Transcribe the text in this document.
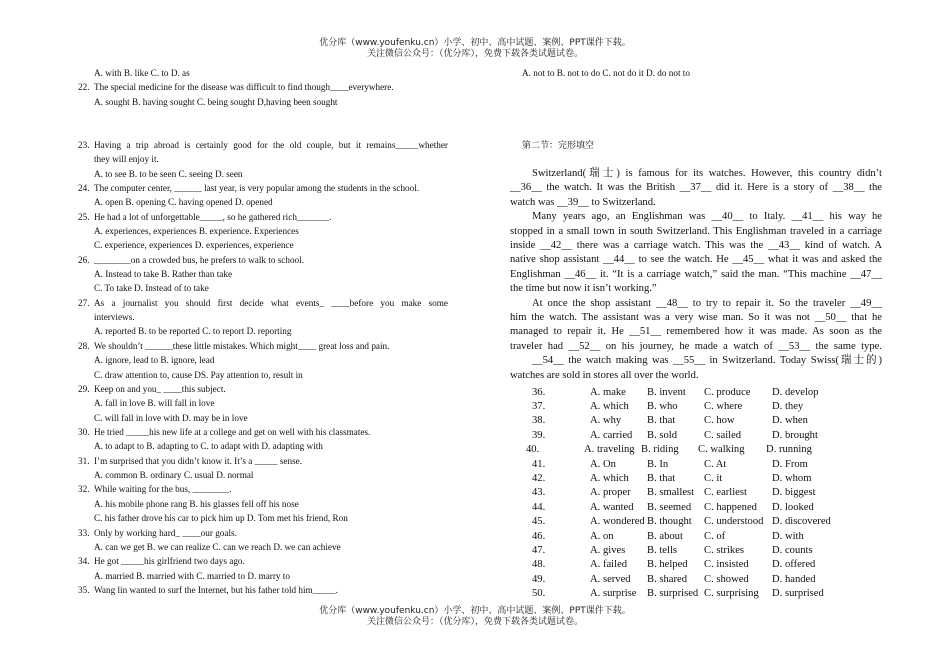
优分库（www.youfenku.cn）小学、初中、高中试题、案例、PPT课件下载。
关注微信公众号：（优分库），免费下载各类试题试卷。
A. with B. like C. to D. as
22. The special medicine for the disease was difficult to find though____everywhere.
A. sought B. having sought C. being sought D,having been sought
23. Having a trip abroad is certainly good for the old couple, but it remains_____whether
they will enjoy it.
A. to see B. to be seen C. seeing D. seen
24. The computer center, ______ last year, is very popular among the students in the school.
A. open B. opening C. having opened D. opened
25. He had a lot of unforgettable_____, so he gathered rich_______.
A. experiences, experiences B. experience. Experiences
C. experience, experiences D. experiences, experience
26. ________on a crowded bus, he prefers to walk to school.
A. Instead to take B. Rather than take
C. To take D. Instead of to take
27. As a journalist you should first decide what events_ ____before you make some
interviews.
A. reported B. to be reported C. to report D. reporting
28. We shouldn’t ______these little mistakes. Which might____ great loss and pain.
A. ignore, lead to B. ignore, lead
C. draw attention to, cause DS. Pay attention to, result in
29. Keep on and you_ ____this subject.
A. fall in love B. will fall in love
C. will fall in love with D. may be in love
30. He tried _____his new life at a college and get on well with his classmates.
A. to adapt to B. adapting to C. to adapt with D. adapting with
31. I’m surprised that you didn’t know it. It’s a _____ sense.
A. common B. ordinary C. usual D. normal
32. While waiting for the bus, ________.
A. his mobile phone rang B. his glasses fell off his nose
C. his father drove his car to pick him up D. Tom met his friend, Ron
33. Only by working hard_ ____our goals.
A. can we get B. we can realize C. can we reach D. we can achieve
34. He got _____his girlfriend two days ago.
A. married B. married with C. married to D. marry to
35. Wang lin wanted to surf the Internet, but his father told him_____.
A. not to B. not to do C. not do it D. do not to
第二节：完形填空
Switzerland(瑞士) is famous for its watches. However, this country didn’t
__36__ the watch. It was the British __37__ did it. Here is a story of __38__ the
watch was __39__ to Switzerland.
Many years ago, an Englishman was __40__ to Italy. __41__ his way he
stopped in a small town in south Switzerland. This Englishman traveled in a carriage
inside __42__ there was a carriage watch. This was the __43__ kind of watch. A
native shop assistant __44__ to see the watch. He __45__ what it was and asked the
Englishman __46__ it. “It is a carriage watch,” said the man. “This machine __47__
the time but now it isn’t working.”
At once the shop assistant __48__ to try to repair it. So the traveler __49__
him the watch. The assistant was a very wise man. So it was not __50__ that he
managed to repair it. He __51__ remembered how it was made. As soon as the
traveler had __52__ on his journey, he made a watch of __53__ the same type.
__54__ the watch making was __55__ in Switzerland. Today Swiss(瑞士的)
watches are sold in stores all over the world.
36.	A. make B. invent C. produce D. develop
37.	A. which B. who C. where	D. they
38.	A. why B. that	C. how	D. when
39.	A. carried B. sold	C. sailed	D. brought
40.	A. traveling B. riding C. walking D. running
41.	A. On	B. In	C. At	D. From
42.	A. which B. that	C. it	D. whom
43.	A. proper B. smallest C. earliest D. biggest
44.	A. wanted B. seemed C. happened D. looked
45.	A. wondered B. thought C. understood D. discovered
46.	A. on	B. about C. of	D. with
47.	A. gives B. tells	C. strikes	D. counts
48.	A. failed B. helped C. insisted D. offered
49.	A. served B. shared C. showed D. handed
50.	A. surprise B. surprised C. surprising D. surprised
优分库（www.youfenku.cn）小学、初中、高中试题、案例、PPT课件下载。
关注微信公众号：（优分库），免费下载各类试题试卷。
